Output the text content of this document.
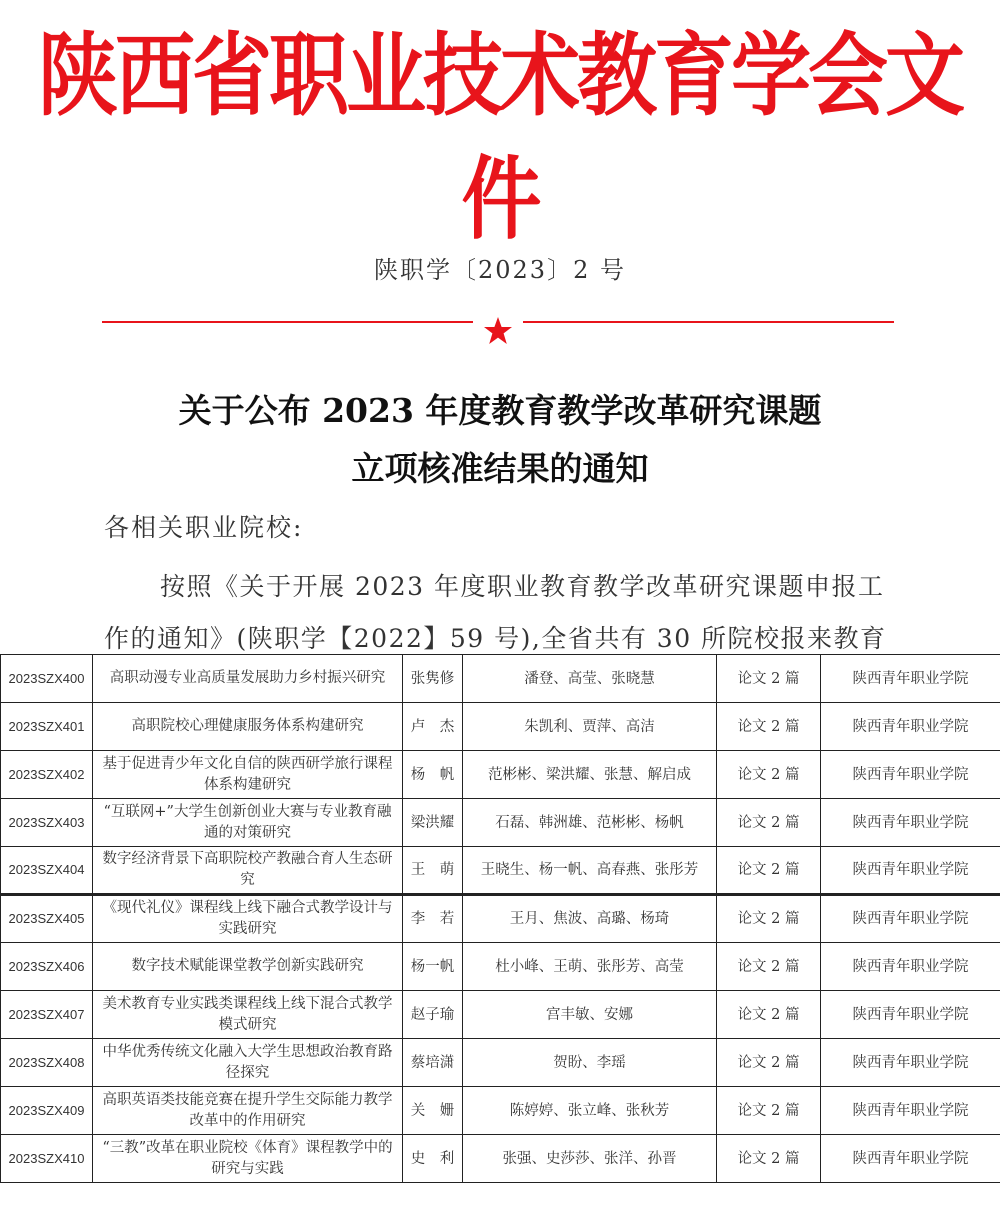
陕西省职业技术教育学会文件
陕职学〔2023〕2 号
关于公布 2023 年度教育教学改革研究课题
立项核准结果的通知
各相关职业院校:
按照《关于开展 2023 年度职业教育教学改革研究课题申报工作的通知》(陕职学【2022】59 号),全省共有 30 所院校报来教育
2023SZX400	高职动漫专业高质量发展助力乡村振兴研究	张隽修	潘登、高莹、张晓慧	论文 2 篇	陕西青年职业学院
2023SZX401	高职院校心理健康服务体系构建研究	卢　杰	朱凯利、贾萍、高洁	论文 2 篇	陕西青年职业学院
2023SZX402	基于促进青少年文化自信的陕西研学旅行课程体系构建研究	杨　帆	范彬彬、梁洪耀、张慧、解启成	论文 2 篇	陕西青年职业学院
2023SZX403	“互联网+”大学生创新创业大赛与专业教育融通的对策研究	梁洪耀	石磊、韩洲雄、范彬彬、杨帆	论文 2 篇	陕西青年职业学院
2023SZX404	数字经济背景下高职院校产教融合育人生态研究	王　萌	王晓生、杨一帆、高春燕、张彤芳	论文 2 篇	陕西青年职业学院
2023SZX405	《现代礼仪》课程线上线下融合式教学设计与实践研究	李　若	王月、焦波、高璐、杨琦	论文 2 篇	陕西青年职业学院
2023SZX406	数字技术赋能课堂教学创新实践研究	杨一帆	杜小峰、王萌、张彤芳、高莹	论文 2 篇	陕西青年职业学院
2023SZX407	美术教育专业实践类课程线上线下混合式教学模式研究	赵子瑜	宫丰敏、安娜	论文 2 篇	陕西青年职业学院
2023SZX408	中华优秀传统文化融入大学生思想政治教育路径探究	蔡培潇	贺盼、李瑶	论文 2 篇	陕西青年职业学院
2023SZX409	高职英语类技能竞赛在提升学生交际能力教学改革中的作用研究	关　姗	陈婷婷、张立峰、张秋芳	论文 2 篇	陕西青年职业学院
2023SZX410	“三教”改革在职业院校《体育》课程教学中的研究与实践	史　利	张强、史莎莎、张洋、孙晋	论文 2 篇	陕西青年职业学院
